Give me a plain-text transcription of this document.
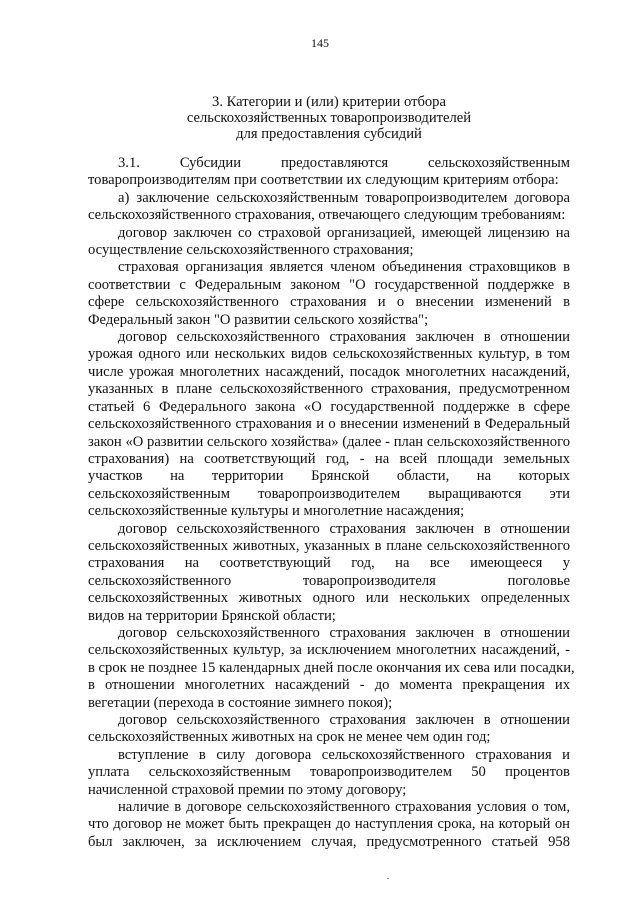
145
3. Категории и (или) критерии отбора
сельскохозяйственных товаропроизводителей
для предоставления субсидий
3.1.	Субсидии	предоставляются	сельскохозяйственным
товаропроизводителям при соответствии их следующим критериям отбора:
а) заключение сельскохозяйственным товаропроизводителем договора
сельскохозяйственного страхования, отвечающего следующим требованиям:
договор заключен со страховой организацией, имеющей лицензию на
осуществление сельскохозяйственного страхования;
страховая организация является членом объединения страховщиков в
соответствии с Федеральным законом "О государственной поддержке в
сфере сельскохозяйственного страхования и о внесении изменений в
Федеральный закон "О развитии сельского хозяйства";
договор сельскохозяйственного страхования заключен в отношении
урожая одного или нескольких видов сельскохозяйственных культур, в том
числе урожая многолетних насаждений, посадок многолетних насаждений,
указанных в плане сельскохозяйственного страхования, предусмотренном
статьей 6 Федерального закона «О государственной поддержке в сфере
сельскохозяйственного страхования и о внесении изменений в Федеральный
закон «О развитии сельского хозяйства» (далее - план сельскохозяйственного
страхования) на соответствующий год, - на всей площади земельных
участков на территории Брянской области, на которых
сельскохозяйственным товаропроизводителем выращиваются эти
сельскохозяйственные культуры и многолетние насаждения;
договор сельскохозяйственного страхования заключен в отношении
сельскохозяйственных животных, указанных в плане сельскохозяйственного
страхования на соответствующий год, на все имеющееся у
сельскохозяйственного	товаропроизводителя	поголовье
сельскохозяйственных животных одного или нескольких определенных
видов на территории Брянской области;
договор сельскохозяйственного страхования заключен в отношении
сельскохозяйственных культур, за исключением многолетних насаждений, -
в срок не позднее 15 календарных дней после окончания их сева или посадки,
в отношении многолетних насаждений - до момента прекращения их
вегетации (перехода в состояние зимнего покоя);
договор сельскохозяйственного страхования заключен в отношении
сельскохозяйственных животных на срок не менее чем один год;
вступление в силу договора сельскохозяйственного страхования и
уплата сельскохозяйственным товаропроизводителем 50 процентов
начисленной страховой премии по этому договору;
наличие в договоре сельскохозяйственного страхования условия о том,
что договор не может быть прекращен до наступления срока, на который он
был заключен, за исключением случая, предусмотренного статьей 958
